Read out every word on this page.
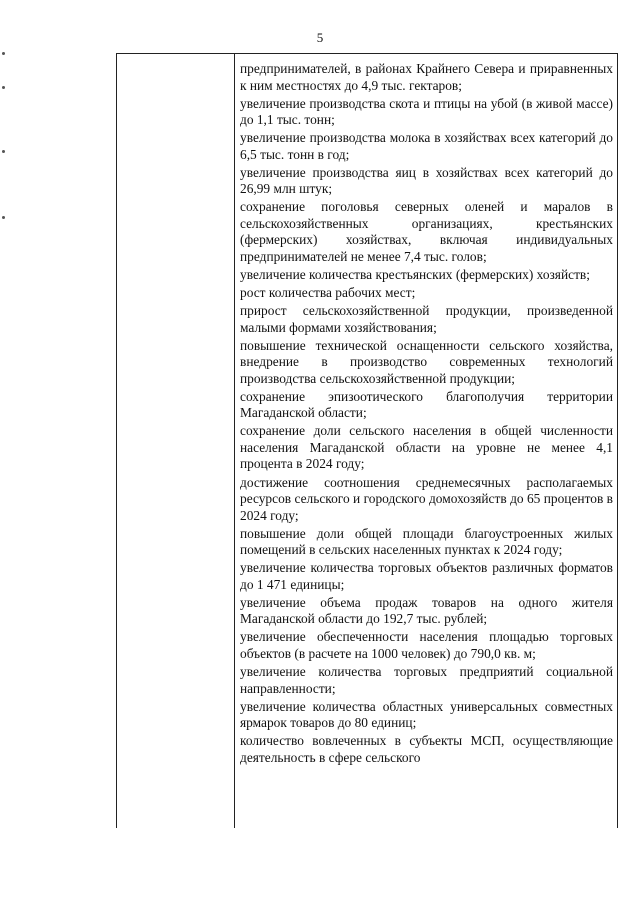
5
предпринимателей, в районах Крайнего Севера и приравненных к ним местностях до 4,9 тыс. гектаров;
увеличение производства скота и птицы на убой (в живой массе) до 1,1 тыс. тонн;
увеличение производства молока в хозяйствах всех категорий до 6,5 тыс. тонн в год;
увеличение производства яиц в хозяйствах всех категорий до 26,99 млн штук;
сохранение поголовья северных оленей и маралов в сельскохозяйственных организациях, крестьянских (фермерских) хозяйствах, включая индивидуальных предпринимателей не менее 7,4 тыс. голов;
увеличение количества крестьянских (фермерских) хозяйств;
рост количества рабочих мест;
прирост сельскохозяйственной продукции, произведенной малыми формами хозяйствования;
повышение технической оснащенности сельского хозяйства, внедрение в производство современных технологий производства сельскохозяйственной продукции;
сохранение эпизоотического благополучия территории Магаданской области;
сохранение доли сельского населения в общей численности населения Магаданской области на уровне не менее 4,1 процента в 2024 году;
достижение соотношения среднемесячных располагаемых ресурсов сельского и городского домохозяйств до 65 процентов в 2024 году;
повышение доли общей площади благоустроенных жилых помещений в сельских населенных пунктах к 2024 году;
увеличение количества торговых объектов различных форматов до 1 471 единицы;
увеличение объема продаж товаров на одного жителя Магаданской области до 192,7 тыс. рублей;
увеличение обеспеченности населения площадью торговых объектов (в расчете на 1000 человек) до 790,0 кв. м;
увеличение количества торговых предприятий социальной направленности;
увеличение количества областных универсальных совместных ярмарок товаров до 80 единиц;
количество вовлеченных в субъекты МСП, осуществляющие деятельность в сфере сельского
